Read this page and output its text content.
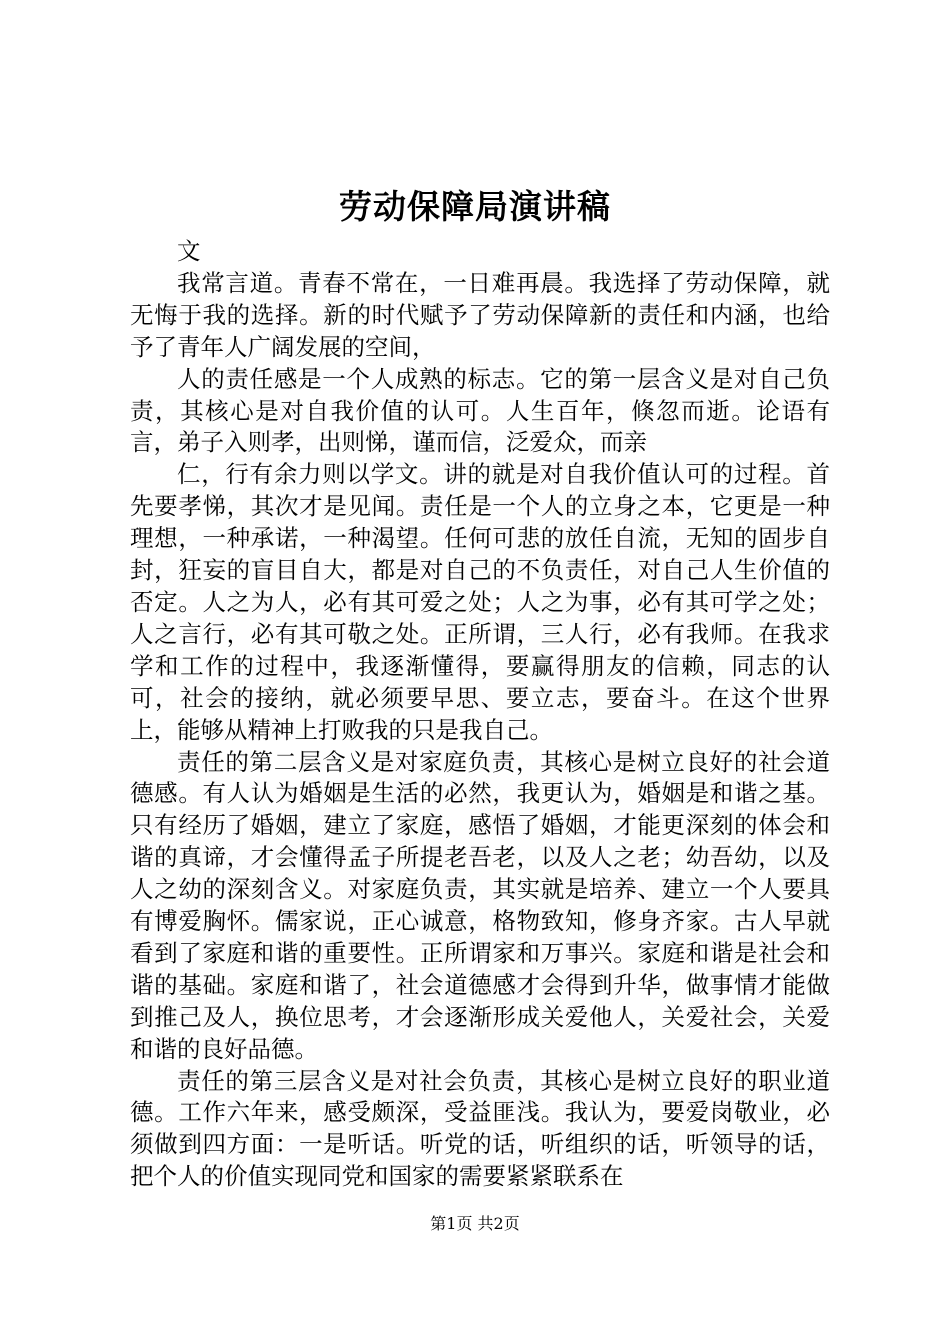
劳动保障局演讲稿

文

我常言道。青春不常在，一日难再晨。我选择了劳动保障，就无悔于我的选择。新的时代赋予了劳动保障新的责任和内涵，也给予了青年人广阔发展的空间，

人的责任感是一个人成熟的标志。它的第一层含义是对自己负责，其核心是对自我价值的认可。人生百年，倏忽而逝。论语有言，弟子入则孝，出则悌，谨而信，泛爱众，而亲

仁，行有余力则以学文。讲的就是对自我价值认可的过程。首先要孝悌，其次才是见闻。责任是一个人的立身之本，它更是一种理想，一种承诺，一种渴望。任何可悲的放任自流，无知的固步自封，狂妄的盲目自大，都是对自己的不负责任，对自己人生价值的否定。人之为人，必有其可爱之处；人之为事，必有其可学之处；人之言行，必有其可敬之处。正所谓，三人行，必有我师。在我求学和工作的过程中，我逐渐懂得，要赢得朋友的信赖，同志的认可，社会的接纳，就必须要早思、要立志，要奋斗。在这个世界上，能够从精神上打败我的只是我自己。

责任的第二层含义是对家庭负责，其核心是树立良好的社会道德感。有人认为婚姻是生活的必然，我更认为，婚姻是和谐之基。只有经历了婚姻，建立了家庭，感悟了婚姻，才能更深刻的体会和谐的真谛，才会懂得孟子所提老吾老，以及人之老；幼吾幼，以及人之幼的深刻含义。对家庭负责，其实就是培养、建立一个人要具有博爱胸怀。儒家说，正心诚意，格物致知，修身齐家。古人早就看到了家庭和谐的重要性。正所谓家和万事兴。家庭和谐是社会和谐的基础。家庭和谐了，社会道德感才会得到升华，做事情才能做到推己及人，换位思考，才会逐渐形成关爱他人，关爱社会，关爱和谐的良好品德。

责任的第三层含义是对社会负责，其核心是树立良好的职业道德。工作六年来，感受颇深，受益匪浅。我认为，要爱岗敬业，必须做到四方面：一是听话。听党的话，听组织的话，听领导的话，把个人的价值实现同党和国家的需要紧紧联系在

第1页 共2页
